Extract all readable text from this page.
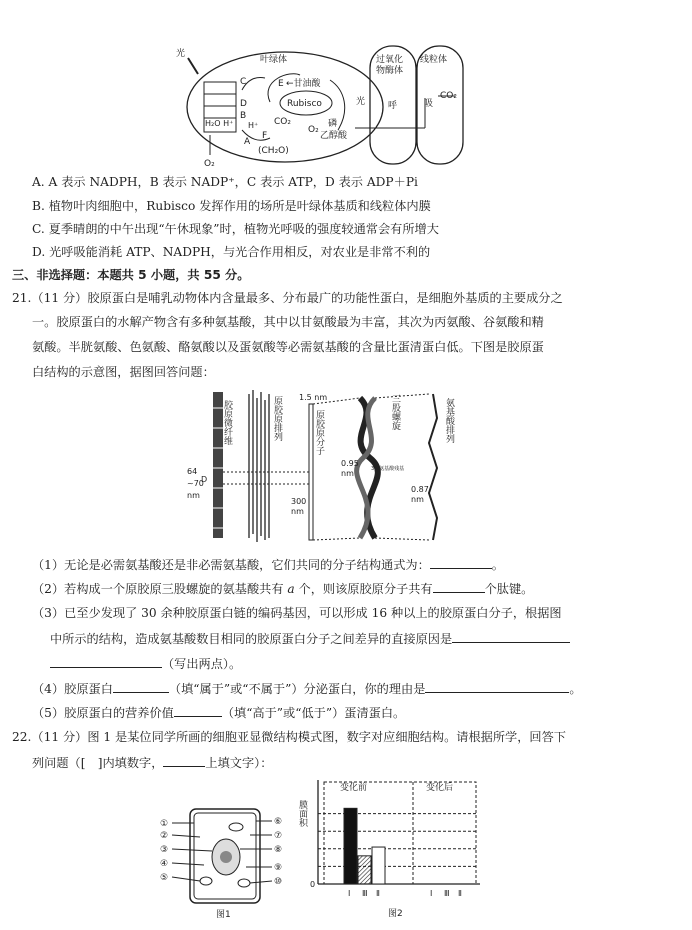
光
叶绿体	过氧化
物酶体
线粒体
C	E ←甘油酸
D	Rubisco
B
H₂O H⁺ H⁺ CO₂
F
O₂
磷
乙醇酸
A
(CH₂O)
光	呼	吸
CO₂
O₂
A. A 表示 NADPH，B 表示 NADP⁺，C 表示 ATP，D 表示 ADP＋Pi
B. 植物叶肉细胞中，Rubisco 发挥作用的场所是叶绿体基质和线粒体内膜
C. 夏季晴朗的中午出现“午休现象”时，植物光呼吸的强度较通常会有所增大
D. 光呼吸能消耗 ATP、NADPH，与光合作用相反，对农业是非常不利的
三、非选择题：本题共 5 小题，共 55 分。
21.（11 分）胶原蛋白是哺乳动物体内含量最多、分布最广的功能性蛋白，是细胞外基质的主要成分之
一。胶原蛋白的水解产物含有多种氨基酸，其中以甘氨酸最为丰富，其次为丙氨酸、谷氨酸和精
氨酸。半胱氨酸、色氨酸、酪氨酸以及蛋氨酸等必需氨基酸的含量比蛋清蛋白低。下图是胶原蛋
白结构的示意图，据图回答问题：
胶原微纤维	原胶原排列	原胶原分子	三股螺旋	氨基酸排列
64
~70
nm
D
1.5 nm
300
nm
0.95
nm	3个氨基酸残基
0.87
nm
（1）无论是必需氨基酸还是非必需氨基酸，它们共同的分子结构通式为：	。
（2）若构成一个原胶原三股螺旋的氨基酸共有 a 个，则该原胶原分子共有	个肽键。
（3）已至少发现了 30 余种胶原蛋白链的编码基因，可以形成 16 种以上的胶原蛋白分子，根据图
中所示的结构，造成氨基酸数目相同的胶原蛋白分子之间差异的直接原因是
（写出两点）。
（4）胶原蛋白	（填“属于”或“不属于”）分泌蛋白，你的理由是	。
（5）胶原蛋白的营养价值	（填“高于”或“低于”）蛋清蛋白。
22.（11 分）图 1 是某位同学所画的细胞亚显微结构模式图，数字对应细胞结构。请根据所学，回答下
列问题（[　]内填数字，	上填文字）：
①
②
③
④
⑤
⑥
⑦
⑧
⑨
⑩
图1
膜面积
0
变化前	变化后
Ⅰ Ⅲ Ⅱ	Ⅰ Ⅲ Ⅱ
图2
